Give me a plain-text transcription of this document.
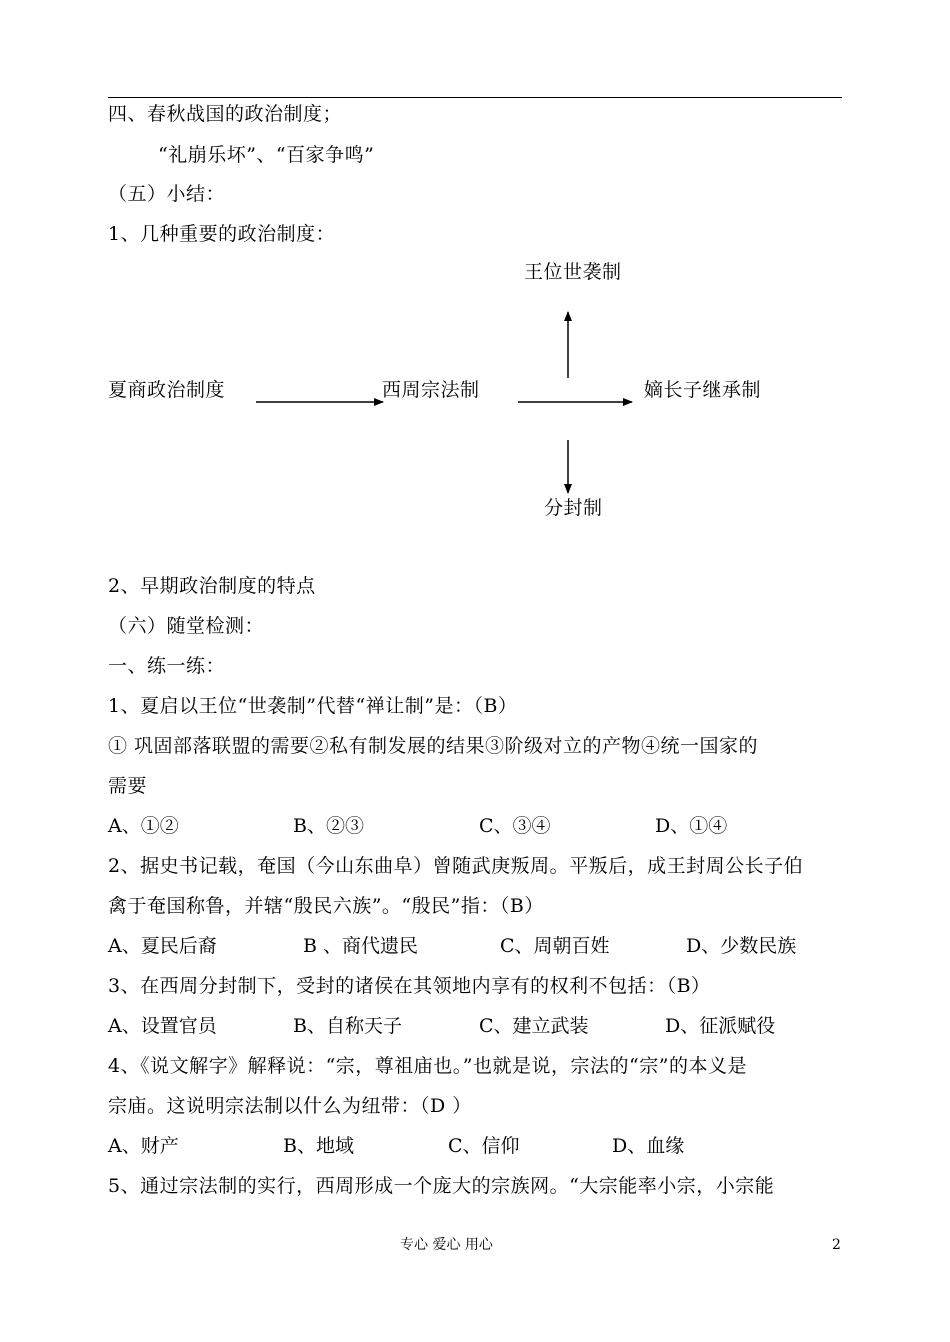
四、春秋战国的政治制度；
“礼崩乐坏”、“百家争鸣”
（五）小结：
1、几种重要的政治制度：
王位世袭制
夏商政治制度	西周宗法制	嫡长子继承制
分封制
2、早期政治制度的特点
（六）随堂检测：
一、练一练：
1、夏启以王位“世袭制”代替“禅让制”是：（B）
① 巩固部落联盟的需要②私有制发展的结果③阶级对立的产物④统一国家的
需要
A、①②	B、②③	C、③④	D、①④
2、据史书记载，奄国（今山东曲阜）曾随武庚叛周。平叛后，成王封周公长子伯
禽于奄国称鲁，并辖“殷民六族”。“殷民”指：（B）
A、夏民后裔	B 、商代遗民	C、周朝百姓	D、少数民族
3、在西周分封制下，受封的诸侯在其领地内享有的权利不包括：（B）
A、设置官员	B、自称天子	C、建立武装	D、征派赋役
4、《说文解字》解释说：“宗，尊祖庙也。”也就是说，宗法的“宗”的本义是
宗庙。这说明宗法制以什么为纽带：（D ）
A、财产	B、地域	C、信仰	D、血缘
5、通过宗法制的实行，西周形成一个庞大的宗族网。“大宗能率小宗，小宗能
专心 爱心 用心	2
